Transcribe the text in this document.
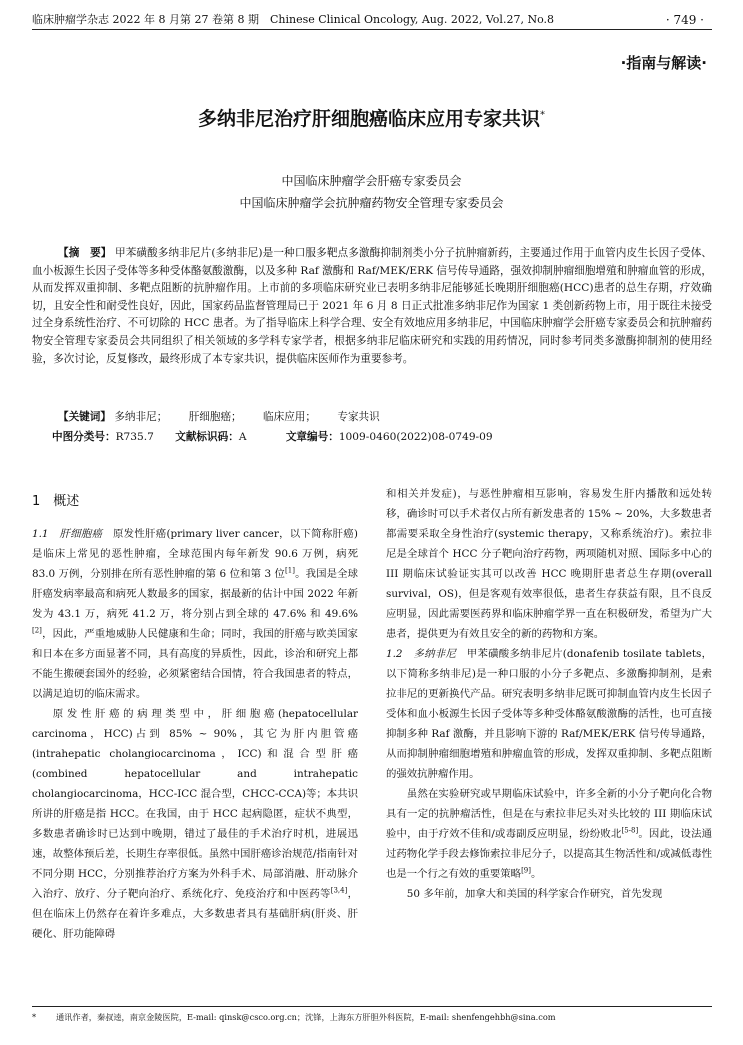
临床肿瘤学杂志 2022 年 8 月第 27 卷第 8 期　Chinese Clinical Oncology, Aug. 2022, Vol.27, No.8	· 749 ·
·指南与解读·
多纳非尼治疗肝细胞癌临床应用专家共识*
中国临床肿瘤学会肝癌专家委员会
中国临床肿瘤学会抗肿瘤药物安全管理专家委员会
【摘　要】 甲苯磺酸多纳非尼片(多纳非尼)是一种口服多靶点多激酶抑制剂类小分子抗肿瘤新药，主要通过作用于血管内皮生长因子受体、血小板源生长因子受体等多种受体酪氨酸激酶，以及多种 Raf 激酶和 Raf/MEK/ERK 信号传导通路，强效抑制肿瘤细胞增殖和肿瘤血管的形成，从而发挥双重抑制、多靶点阻断的抗肿瘤作用。上市前的多项临床研究业已表明多纳非尼能够延长晚期肝细胞癌(HCC)患者的总生存期，疗效确切，且安全性和耐受性良好，因此，国家药品监督管理局已于 2021 年 6 月 8 日正式批准多纳非尼作为国家 1 类创新药物上市，用于既往未接受过全身系统性治疗、不可切除的 HCC 患者。为了指导临床上科学合理、安全有效地应用多纳非尼，中国临床肿瘤学会肝癌专家委员会和抗肿瘤药物安全管理专家委员会共同组织了相关领域的多学科专家学者，根据多纳非尼临床研究和实践的用药情况，同时参考同类多激酶抑制剂的使用经验，多次讨论，反复修改，最终形成了本专家共识，提供临床医师作为重要参考。
【关键词】 多纳非尼； 肝细胞癌； 临床应用； 专家共识
中图分类号：R735.7 文献标识码：A	文章编号：1009-0460(2022)08-0749-09

1　概述

1.1　肝细胞癌　 原发性肝癌(primary liver cancer，以下简称肝癌)是临床上常见的恶性肿瘤，全球范围内每年新发 90.6 万例，病死 83.0 万例，分别排在所有恶性肿瘤的第 6 位和第 3 位[1]。我国是全球肝癌发病率最高和病死人数最多的国家，据最新的估计中国 2022 年新发为 43.1 万，病死 41.2 万，将分别占到全球的 47.6% 和 49.6%[2]，因此，严重地威胁人民健康和生命；同时，我国的肝癌与欧美国家和日本在多方面显著不同，具有高度的异质性，因此，诊治和研究上都不能生搬硬套国外的经验，必须紧密结合国情，符合我国患者的特点，以满足迫切的临床需求。

原发性肝癌的病理类型中，肝细胞癌(hepatocellular carcinoma，HCC)占到 85% ~ 90%，其它为肝内胆管癌(intrahepatic cholangiocarcinoma，ICC)和混合型肝癌(combined hepatocellular and intrahepatic cholangiocarcinoma，HCC-ICC 混合型，CHCC-CCA)等；本共识所讲的肝癌是指 HCC。在我国，由于 HCC 起病隐匿，症状不典型，多数患者确诊时已达到中晚期，错过了最佳的手术治疗时机，进展迅速，故整体预后差，长期生存率很低。虽然中国肝癌诊治规范/指南针对不同分期 HCC，分别推荐治疗方案为外科手术、局部消融、肝动脉介入治疗、放疗、分子靶向治疗、系统化疗、免疫治疗和中医药等[3,4]，但在临床上仍然存在着许多难点，大多数患者具有基础肝病(肝炎、肝硬化、肝功能障碍

和相关并发症)，与恶性肿瘤相互影响，容易发生肝内播散和远处转移，确诊时可以手术者仅占所有新发患者的 15% ~ 20%，大多数患者都需要采取全身性治疗(systemic therapy，又称系统治疗)。索拉非尼是全球首个 HCC 分子靶向治疗药物，两项随机对照、国际多中心的 III 期临床试验证实其可以改善 HCC 晚期肝患者总生存期(overall survival，OS)，但是客观有效率很低，患者生存获益有限，且不良反应明显，因此需要医药界和临床肿瘤学界一直在积极研发，希望为广大患者，提供更为有效且安全的新的药物和方案。

1.2　多纳非尼　 甲苯磺酸多纳非尼片(donafenib tosilate tablets，以下简称多纳非尼)是一种口服的小分子多靶点、多激酶抑制剂，是索拉非尼的更新换代产品。研究表明多纳非尼既可抑制血管内皮生长因子受体和血小板源生长因子受体等多种受体酪氨酸激酶的活性，也可直接抑制多种 Raf 激酶，并且影响下游的 Raf/MEK/ERK 信号传导通路，从而抑制肿瘤细胞增殖和肿瘤血管的形成，发挥双重抑制、多靶点阻断的强效抗肿瘤作用。

虽然在实验研究或早期临床试验中，许多全新的小分子靶向化合物具有一定的抗肿瘤活性，但是在与索拉非尼头对头比较的 III 期临床试验中，由于疗效不佳和/或毒副反应明显，纷纷败北[5-8]。因此，设法通过药物化学手段去修饰索拉非尼分子，以提高其生物活性和/或减低毒性也是一个行之有效的重要策略[9]。

50 多年前，加拿大和美国的科学家合作研究，首先发现

* 通讯作者，秦叔逵，南京金陵医院，E-mail: qinsk@csco.org.cn；沈锋，上海东方肝胆外科医院，E-mail: shenfengehbh@sina.com
